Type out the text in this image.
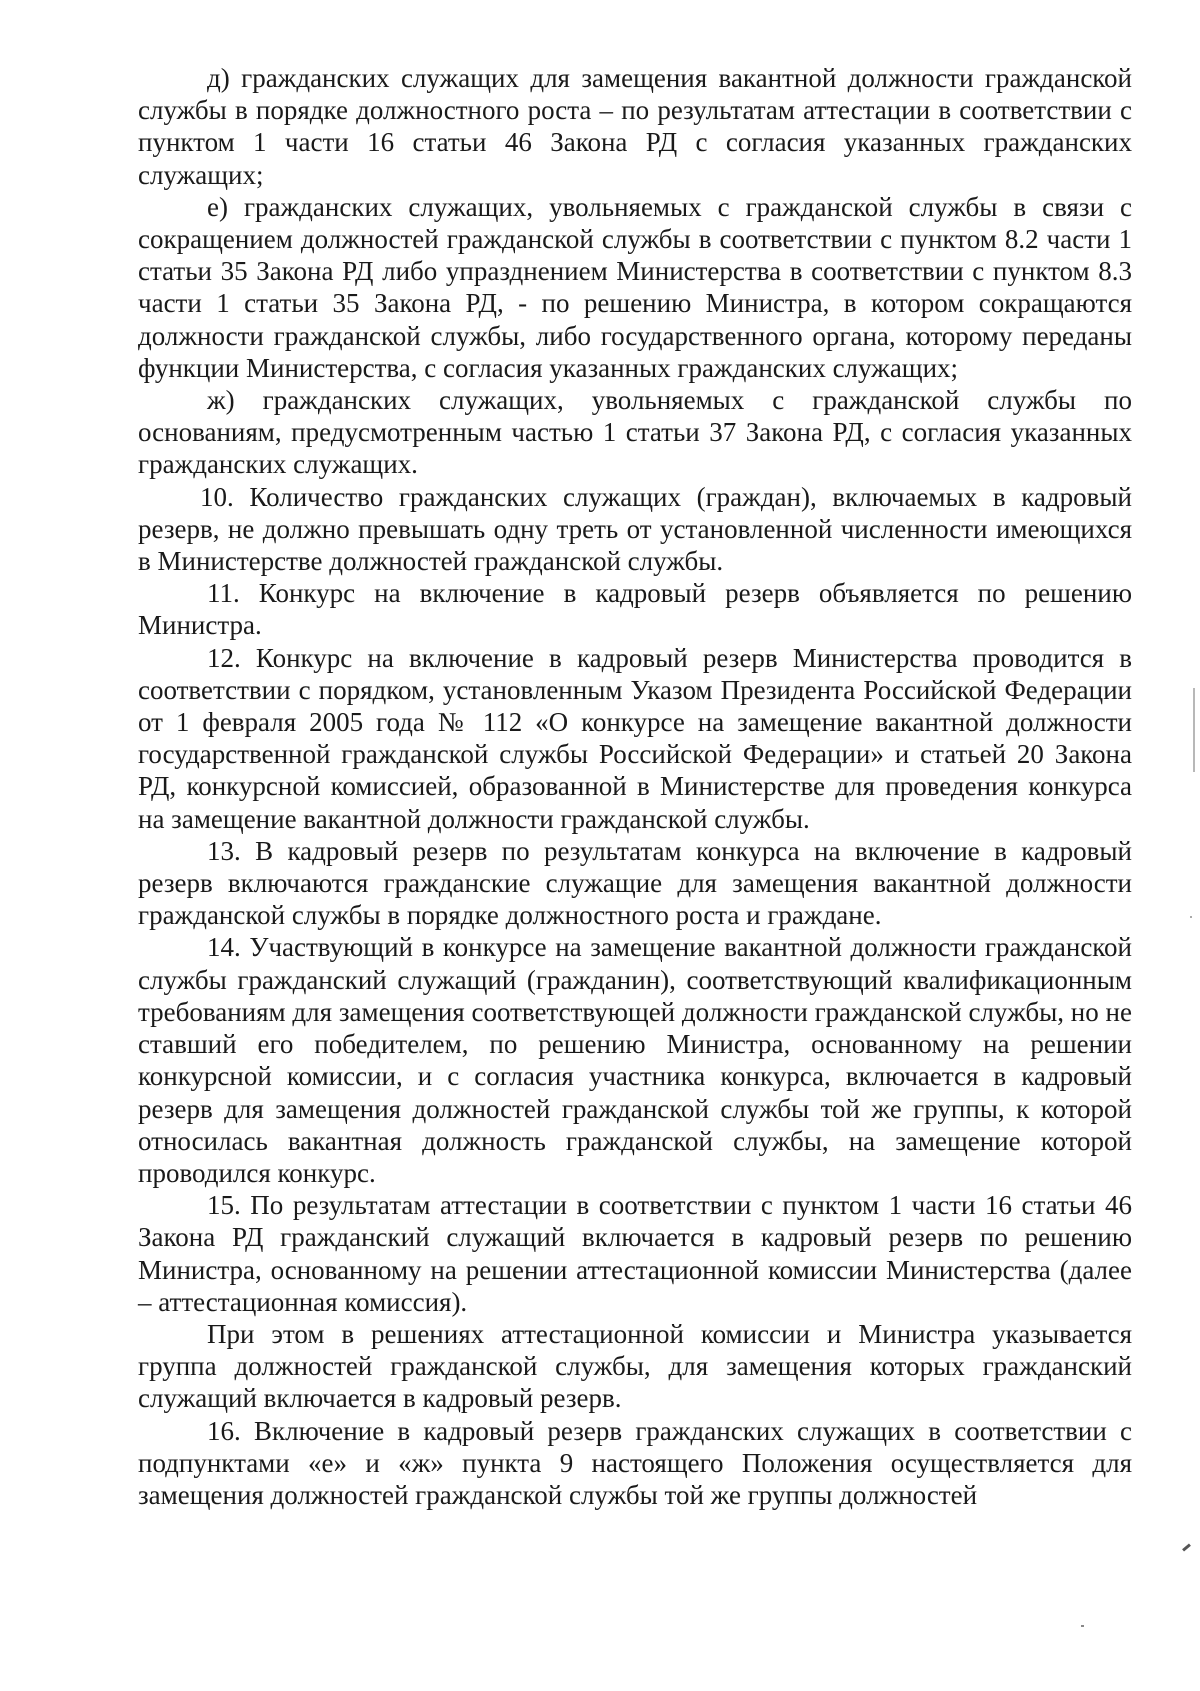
д) гражданских служащих для замещения вакантной должности гражданской службы в порядке должностного роста – по результатам аттестации в соответствии с пунктом 1 части 16 статьи 46 Закона РД с согласия указанных гражданских служащих;

е) гражданских служащих, увольняемых с гражданской службы в связи с сокращением должностей гражданской службы в соответствии с пунктом 8.2 части 1 статьи 35 Закона РД либо упразднением Министерства в соответствии с пунктом 8.3 части 1 статьи 35 Закона РД, - по решению Министра, в котором сокращаются должности гражданской службы, либо государственного органа, которому переданы функции Министерства, с согласия указанных гражданских служащих;

ж) гражданских служащих, увольняемых с гражданской службы по основаниям, предусмотренным частью 1 статьи 37 Закона РД, с согласия указанных гражданских служащих.

10. Количество гражданских служащих (граждан), включаемых в кадровый резерв, не должно превышать одну треть от установленной численности имеющихся в Министерстве должностей гражданской службы.

11. Конкурс на включение в кадровый резерв объявляется по решению Министра.

12. Конкурс на включение в кадровый резерв Министерства проводится в соответствии с порядком, установленным Указом Президента Российской Федерации от 1 февраля 2005 года № 112 «О конкурсе на замещение вакантной должности государственной гражданской службы Российской Федерации» и статьей 20 Закона РД, конкурсной комиссией, образованной в Министерстве для проведения конкурса на замещение вакантной должности гражданской службы.

13. В кадровый резерв по результатам конкурса на включение в кадровый резерв включаются гражданские служащие для замещения вакантной должности гражданской службы в порядке должностного роста и граждане.

14. Участвующий в конкурсе на замещение вакантной должности гражданской службы гражданский служащий (гражданин), соответствующий квалификационным требованиям для замещения соответствующей должности гражданской службы, но не ставший его победителем, по решению Министра, основанному на решении конкурсной комиссии, и с согласия участника конкурса, включается в кадровый резерв для замещения должностей гражданской службы той же группы, к которой относилась вакантная должность гражданской службы, на замещение которой проводился конкурс.

15. По результатам аттестации в соответствии с пунктом 1 части 16 статьи 46 Закона РД гражданский служащий включается в кадровый резерв по решению Министра, основанному на решении аттестационной комиссии Министерства (далее – аттестационная комиссия).

При этом в решениях аттестационной комиссии и Министра указывается группа должностей гражданской службы, для замещения которых гражданский служащий включается в кадровый резерв.

16. Включение в кадровый резерв гражданских служащих в соответствии с подпунктами «е» и «ж» пункта 9 настоящего Положения осуществляется для замещения должностей гражданской службы той же группы должностей
